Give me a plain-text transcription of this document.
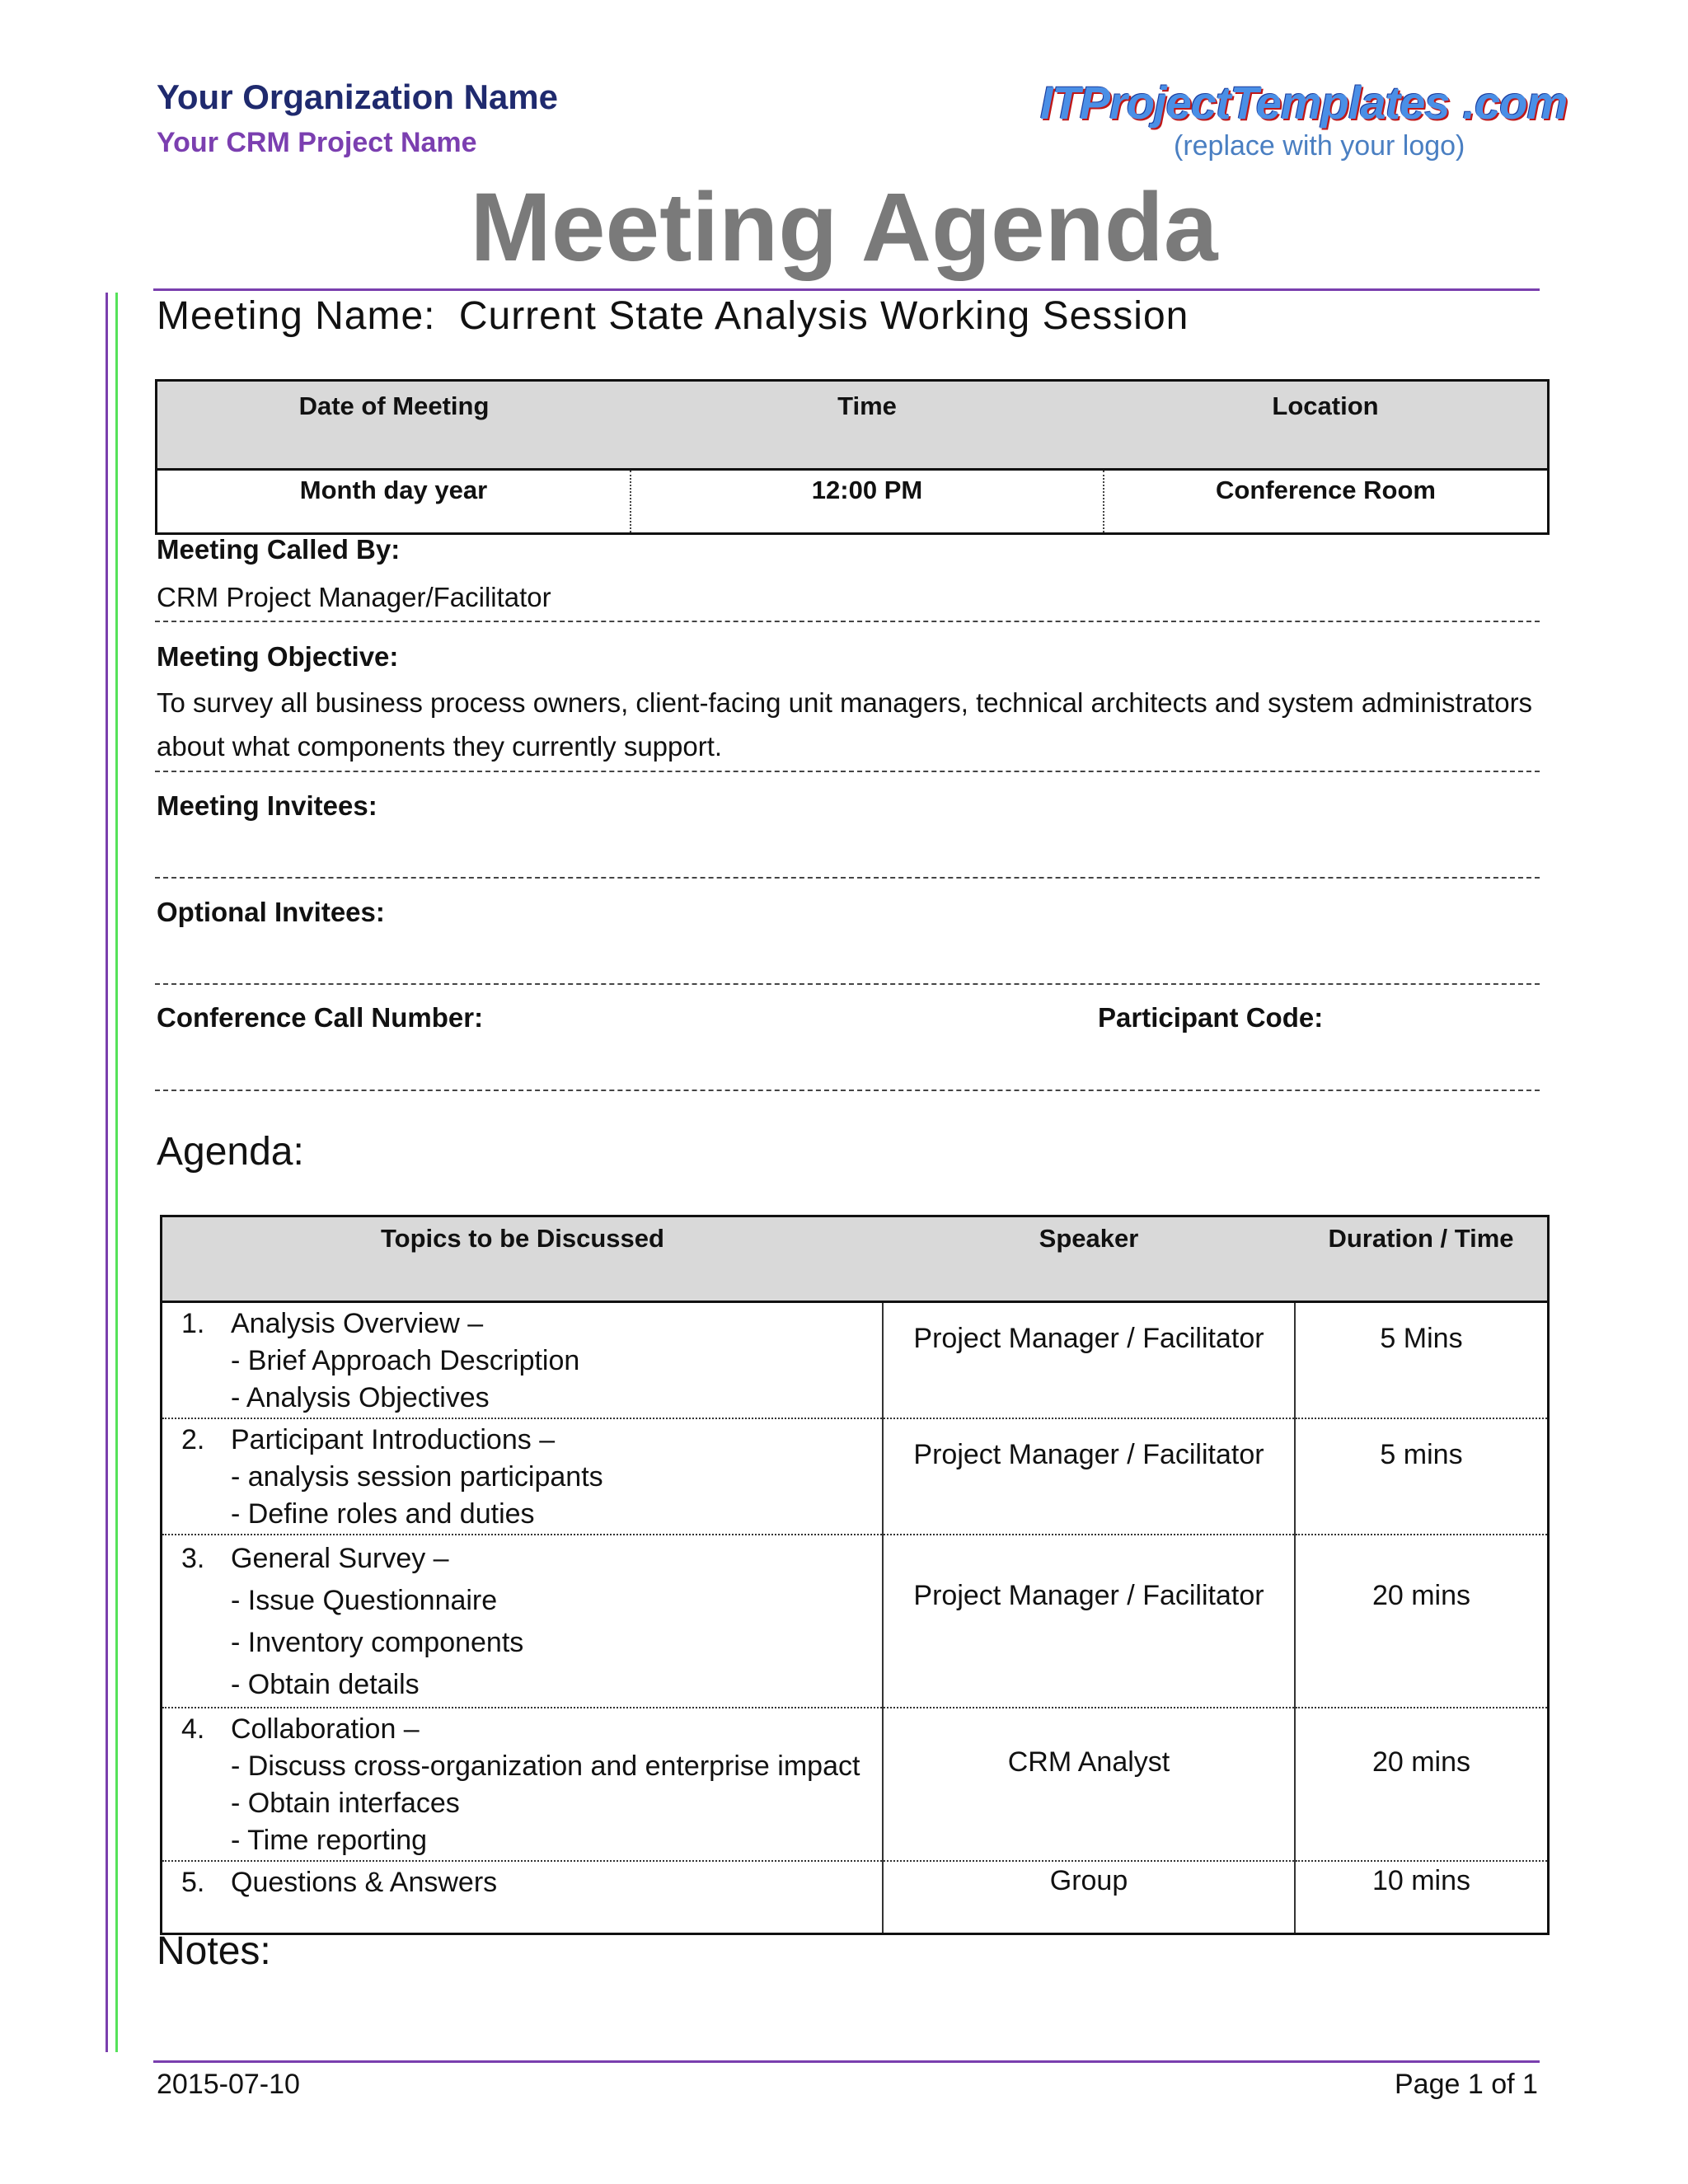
Your Organization Name
Your CRM Project Name
ITProjectTemplates .com
(replace with your logo)
Meeting Agenda
Meeting Name: Current State Analysis Working Session
Date of Meeting	Time	Location
Month day year	12:00 PM	Conference Room
Meeting Called By:
CRM Project Manager/Facilitator
Meeting Objective:
To survey all business process owners, client-facing unit managers, technical architects and system administrators
about what components they currently support.
Meeting Invitees:
Optional Invitees:
Conference Call Number:	Participant Code:
Agenda:
Topics to be Discussed	Speaker	Duration / Time

1. Analysis Overview –
- Brief Approach Description
- Analysis Objectives	Project Manager / Facilitator	5 Mins

2. Participant Introductions –
- analysis session participants
- Define roles and duties	Project Manager / Facilitator	5 mins

3. General Survey –
- Issue Questionnaire
- Inventory components
- Obtain details	Project Manager / Facilitator	20 mins

4. Collaboration –
- Discuss cross-organization and enterprise impact
- Obtain interfaces
- Time reporting	CRM Analyst	20 mins

5. Questions & Answers	Group	10 mins
Notes:
2015-07-10	Page 1 of 1
